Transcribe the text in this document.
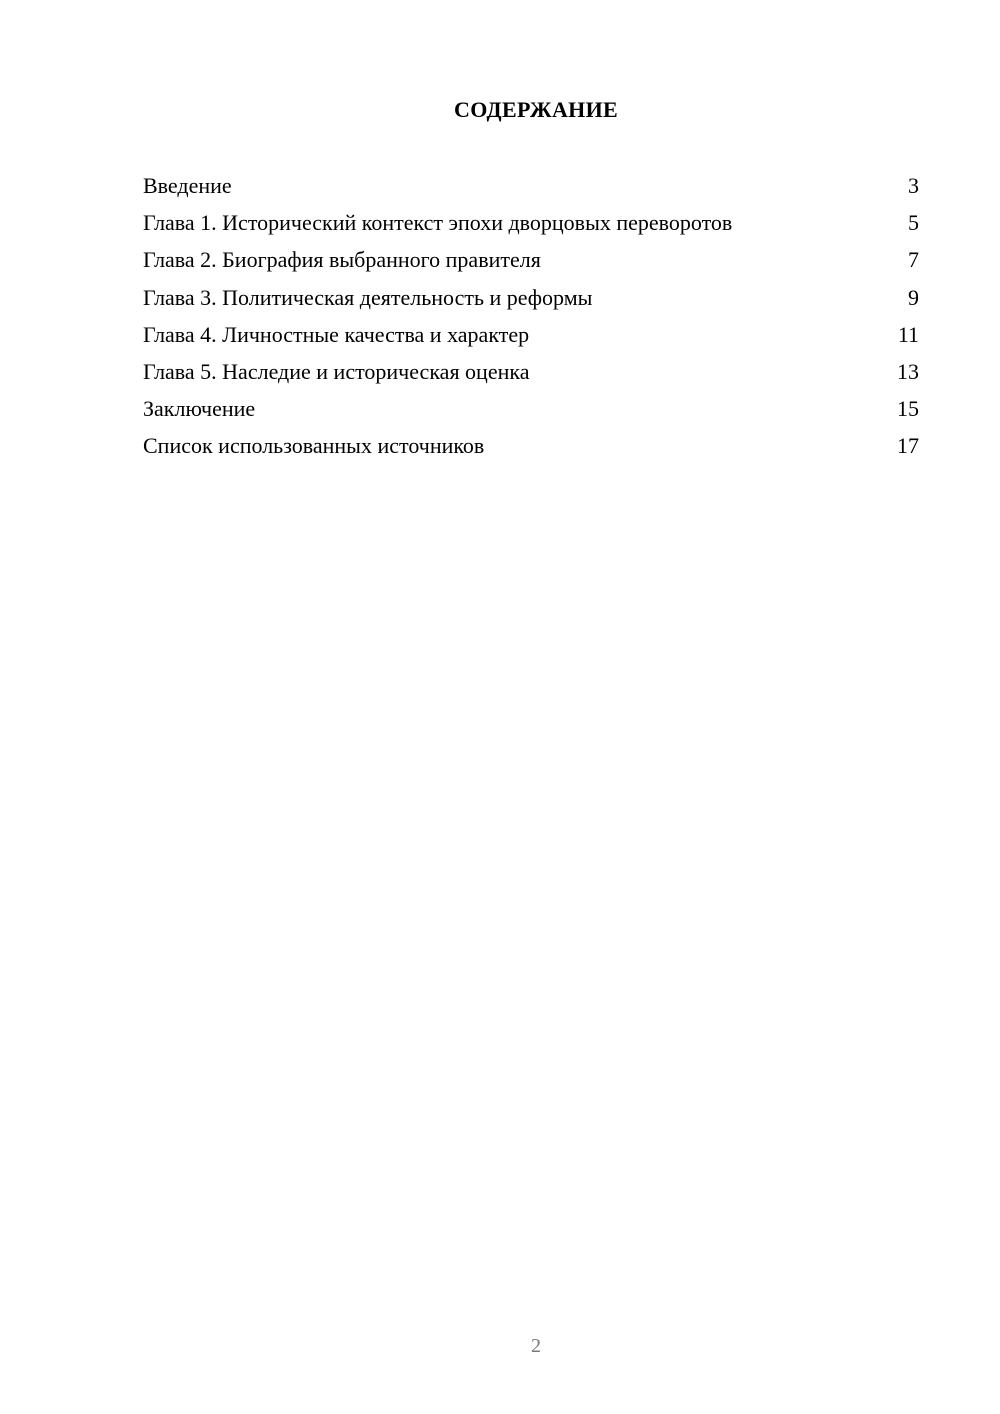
СОДЕРЖАНИЕ
Введение	3
Глава 1. Исторический контекст эпохи дворцовых переворотов	5
Глава 2. Биография выбранного правителя	7
Глава 3. Политическая деятельность и реформы	9
Глава 4. Личностные качества и характер	11
Глава 5. Наследие и историческая оценка	13
Заключение	15
Список использованных источников	17
2
